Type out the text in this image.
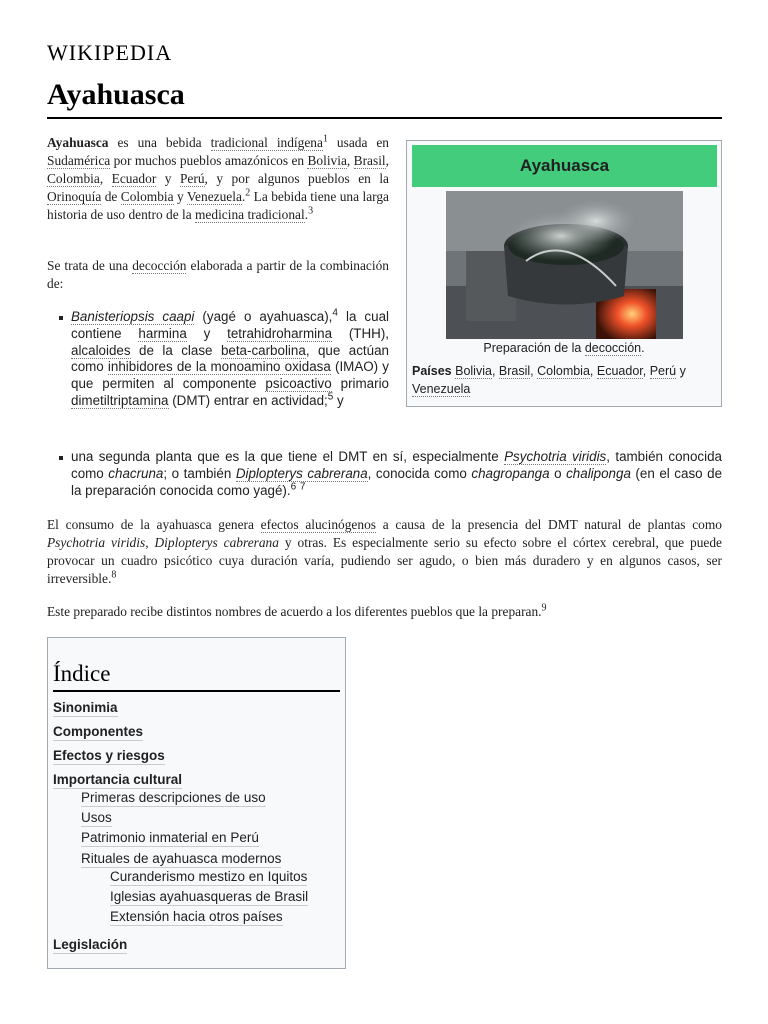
WIKIPEDIA
Ayahuasca

Ayahuasca es una bebida tradicional indígena$^1$ usada en Sudamérica por muchos pueblos amazónicos en Bolivia, Brasil, Colombia, Ecuador y Perú, y por algunos pueblos en la Orinoquía de Colombia y Venezuela.$^2$ La bebida tiene una larga historia de uso dentro de la medicina tradicional.$^3$

Se trata de una decocción elaborada a partir de la combinación de:

Banisteriopsis caapi (yagé o ayahuasca),$^4$ la cual contiene harmina y tetrahidroharmina (THH), alcaloides de la clase beta-carbolina, que actúan como inhibidores de la monoamino oxidasa (IMAO) y que permiten al componente psicoactivo primario dimetiltriptamina (DMT) entrar en actividad;$^5$ y
una segunda planta que es la que tiene el DMT en sí, especialmente Psychotria viridis, también conocida como chacruna; o también Diplopterys cabrerana, conocida como chagropanga o chaliponga (en el caso de la preparación conocida como yagé).$^6$ $^7$

El consumo de la ayahuasca genera efectos alucinógenos a causa de la presencia del DMT natural de plantas como Psychotria viridis, Diplopterys cabrerana y otras. Es especialmente serio su efecto sobre el córtex cerebral, que puede provocar un cuadro psicótico cuya duración varía, pudiendo ser agudo, o bien más duradero y en algunos casos, ser irreversible.$^8$

Este preparado recibe distintos nombres de acuerdo a los diferentes pueblos que la preparan.$^9$

Ayahuasca
Preparación de la decocción.
Países Bolivia, Brasil, Colombia, Ecuador, Perú y Venezuela
Índice
Sinonimia
Componentes
Efectos y riesgos
Importancia cultural
Primeras descripciones de uso
Usos
Patrimonio inmaterial en Perú
Rituales de ayahuasca modernos
Curanderismo mestizo en Iquitos
Iglesias ayahuasqueras de Brasil
Extensión hacia otros países
Legislación
